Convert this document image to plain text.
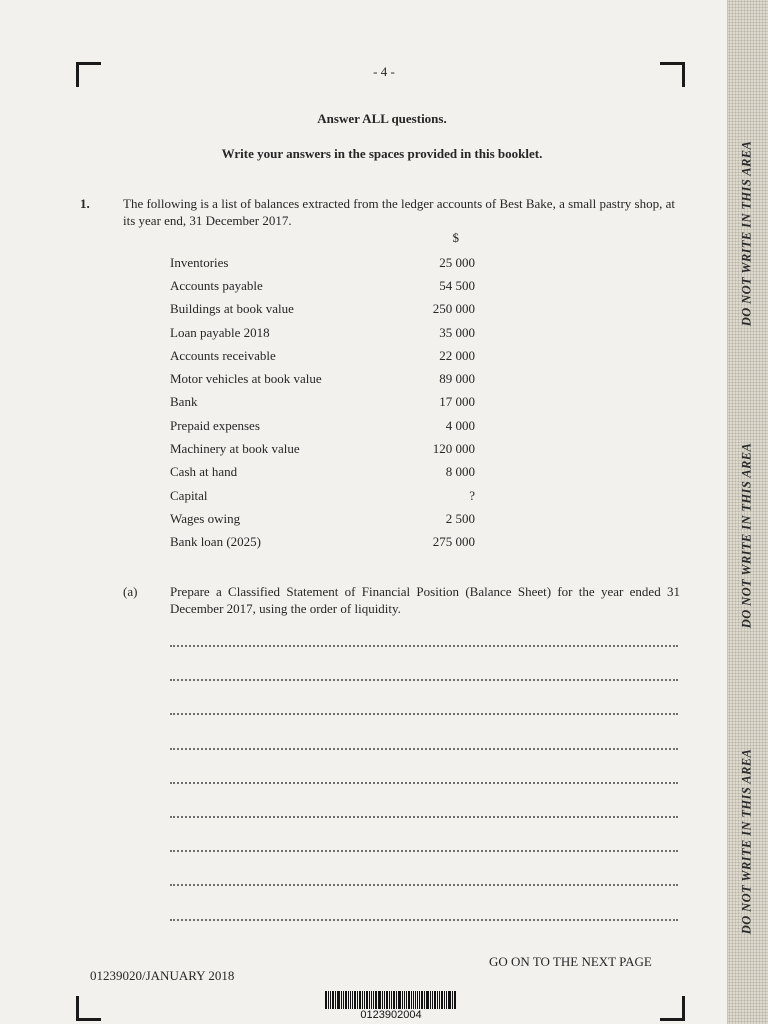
- 4 -
Answer ALL questions.
Write your answers in the spaces provided in this booklet.
1.	The following is a list of balances extracted from the ledger accounts of Best Bake, a small pastry shop, at its year end, 31 December 2017.
$
Inventories	25 000
Accounts payable	54 500
Buildings at book value	250 000
Loan payable 2018	35 000
Accounts receivable	22 000
Motor vehicles at book value	89 000
Bank	17 000
Prepaid expenses	4 000
Machinery at book value	120 000
Cash at hand	8 000
Capital	?
Wages owing	2 500
Bank loan (2025)	275 000
(a)	Prepare a Classified Statement of Financial Position (Balance Sheet) for the year ended 31 December 2017, using the order of liquidity.
GO ON TO THE NEXT PAGE
01239020/JANUARY 2018
0123902004
DO NOT WRITE IN THIS AREA
DO NOT WRITE IN THIS AREA
DO NOT WRITE IN THIS AREA
